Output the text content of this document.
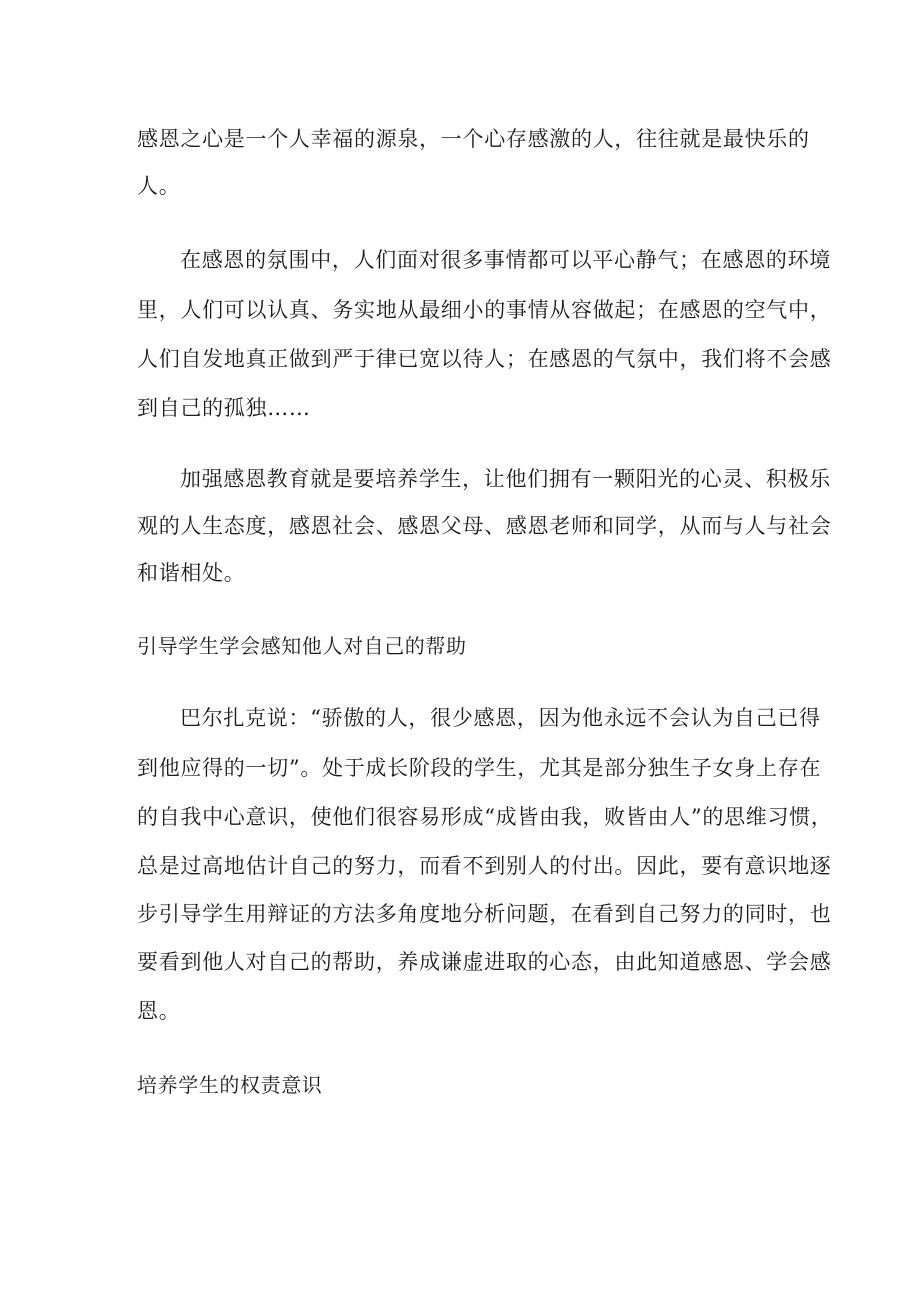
感恩之心是一个人幸福的源泉，一个心存感激的人，往往就是最快乐的
人。
在感恩的氛围中，人们面对很多事情都可以平心静气；在感恩的环境
里，人们可以认真、务实地从最细小的事情从容做起；在感恩的空气中，
人们自发地真正做到严于律已宽以待人；在感恩的气氛中，我们将不会感
到自己的孤独……
加强感恩教育就是要培养学生，让他们拥有一颗阳光的心灵、积极乐
观的人生态度，感恩社会、感恩父母、感恩老师和同学，从而与人与社会
和谐相处。
引导学生学会感知他人对自己的帮助
巴尔扎克说：“骄傲的人，很少感恩，因为他永远不会认为自己已得
到他应得的一切”。处于成长阶段的学生，尤其是部分独生子女身上存在
的自我中心意识，使他们很容易形成“成皆由我，败皆由人”的思维习惯，
总是过高地估计自己的努力，而看不到别人的付出。因此，要有意识地逐
步引导学生用辩证的方法多角度地分析问题，在看到自己努力的同时，也
要看到他人对自己的帮助，养成谦虚进取的心态，由此知道感恩、学会感
恩。
培养学生的权责意识
